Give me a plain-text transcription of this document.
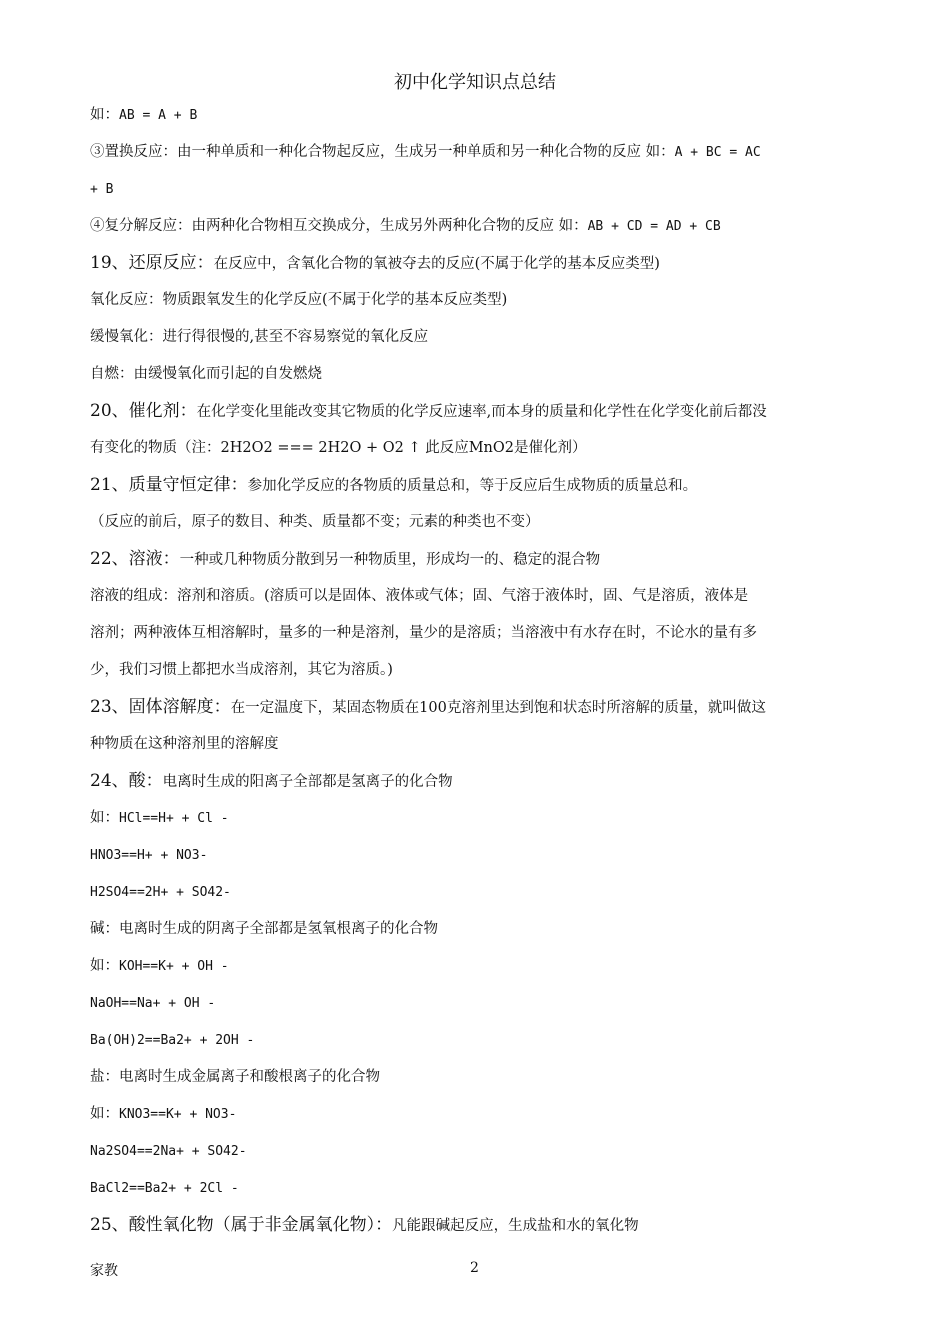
初中化学知识点总结
如：AB = A + B
③置换反应：由一种单质和一种化合物起反应，生成另一种单质和另一种化合物的反应 如：A + BC = AC
+ B
④复分解反应：由两种化合物相互交换成分，生成另外两种化合物的反应 如：AB + CD = AD + CB
19、还原反应：在反应中，含氧化合物的氧被夺去的反应(不属于化学的基本反应类型)
氧化反应：物质跟氧发生的化学反应(不属于化学的基本反应类型)
缓慢氧化：进行得很慢的,甚至不容易察觉的氧化反应
自燃：由缓慢氧化而引起的自发燃烧
20、催化剂：在化学变化里能改变其它物质的化学反应速率,而本身的质量和化学性在化学变化前后都没
有变化的物质（注：2H2O2 === 2H2O + O2 ↑ 此反应MnO2是催化剂）
21、质量守恒定律：参加化学反应的各物质的质量总和，等于反应后生成物质的质量总和。
（反应的前后，原子的数目、种类、质量都不变；元素的种类也不变）
22、溶液：一种或几种物质分散到另一种物质里，形成均一的、稳定的混合物
溶液的组成：溶剂和溶质。(溶质可以是固体、液体或气体；固、气溶于液体时，固、气是溶质，液体是
溶剂；两种液体互相溶解时，量多的一种是溶剂，量少的是溶质；当溶液中有水存在时，不论水的量有多
少，我们习惯上都把水当成溶剂，其它为溶质。)
23、固体溶解度：在一定温度下，某固态物质在100克溶剂里达到饱和状态时所溶解的质量，就叫做这
种物质在这种溶剂里的溶解度
24、酸：电离时生成的阳离子全部都是氢离子的化合物
如：HCl==H+ + Cl -
HNO3==H+ + NO3-
H2SO4==2H+ + SO42-
碱：电离时生成的阴离子全部都是氢氧根离子的化合物
如：KOH==K+ + OH -
NaOH==Na+ + OH -
Ba(OH)2==Ba2+ + 2OH -
盐：电离时生成金属离子和酸根离子的化合物
如：KNO3==K+ + NO3-
Na2SO4==2Na+ + SO42-
BaCl2==Ba2+ + 2Cl -
25、酸性氧化物（属于非金属氧化物）：凡能跟碱起反应，生成盐和水的氧化物
家教	2
